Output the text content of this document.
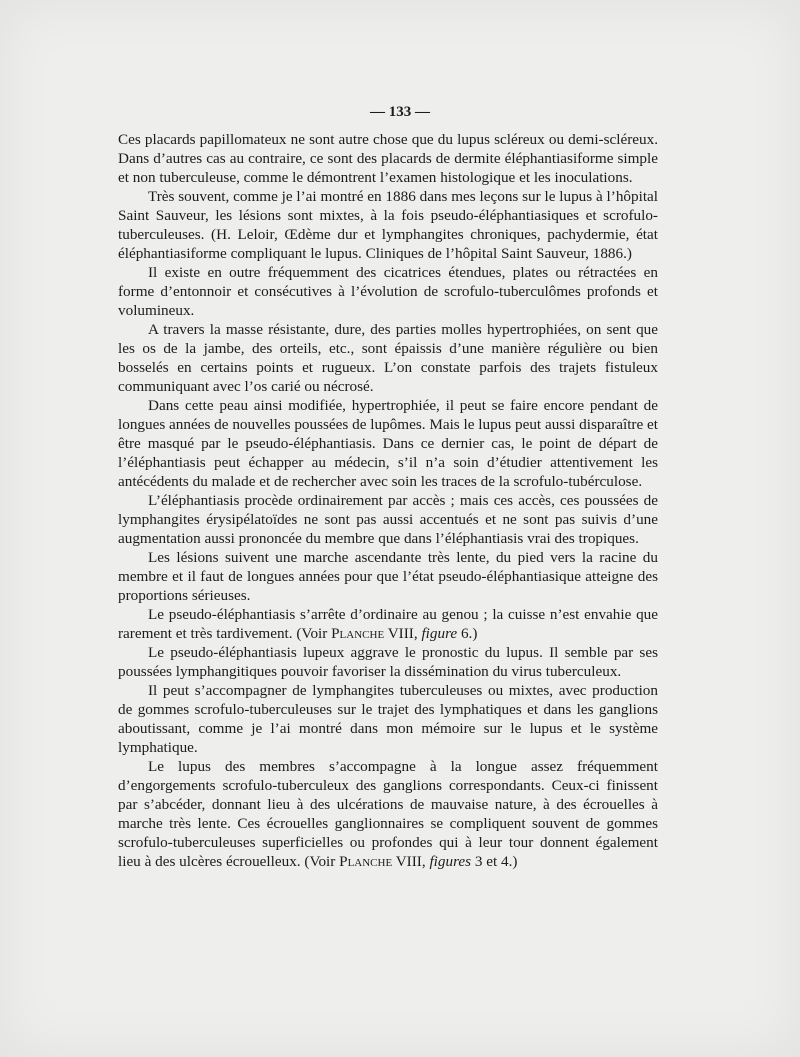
— 133 —

Ces placards papillomateux ne sont autre chose que du lupus scléreux ou demi-scléreux. Dans d’autres cas au contraire, ce sont des placards de dermite éléphantiasiforme simple et non tuberculeuse, comme le démontrent l’examen histologique et les inoculations.

Très souvent, comme je l’ai montré en 1886 dans mes leçons sur le lupus à l’hôpital Saint Sauveur, les lésions sont mixtes, à la fois pseudo-éléphantiasiques et scrofulo-tuberculeuses. (H. Leloir, Œdème dur et lymphangites chroniques, pachydermie, état éléphantiasiforme compliquant le lupus. Cliniques de l’hôpital Saint Sauveur, 1886.)

Il existe en outre fréquemment des cicatrices étendues, plates ou rétractées en forme d’entonnoir et consécutives à l’évolution de scrofulo-tuberculômes profonds et volumineux.

A travers la masse résistante, dure, des parties molles hypertrophiées, on sent que les os de la jambe, des orteils, etc., sont épaissis d’une manière régulière ou bien bosselés en certains points et rugueux. L’on constate parfois des trajets fistuleux communiquant avec l’os carié ou nécrosé.

Dans cette peau ainsi modifiée, hypertrophiée, il peut se faire encore pendant de longues années de nouvelles poussées de lupômes. Mais le lupus peut aussi disparaître et être masqué par le pseudo-éléphantiasis. Dans ce dernier cas, le point de départ de l’éléphantiasis peut échapper au médecin, s’il n’a soin d’étudier attentivement les antécédents du malade et de rechercher avec soin les traces de la scrofulo-tubérculose.

L’éléphantiasis procède ordinairement par accès ; mais ces accès, ces poussées de lymphangites érysipélatoïdes ne sont pas aussi accentués et ne sont pas suivis d’une augmentation aussi prononcée du membre que dans l’éléphantiasis vrai des tropiques.

Les lésions suivent une marche ascendante très lente, du pied vers la racine du membre et il faut de longues années pour que l’état pseudo-éléphantiasique atteigne des proportions sérieuses.

Le pseudo-éléphantiasis s’arrête d’ordinaire au genou ; la cuisse n’est envahie que rarement et très tardivement. (Voir Planche VIII, figure 6.)

Le pseudo-éléphantiasis lupeux aggrave le pronostic du lupus. Il semble par ses poussées lymphangitiques pouvoir favoriser la dissémination du virus tuberculeux.

Il peut s’accompagner de lymphangites tuberculeuses ou mixtes, avec production de gommes scrofulo-tuberculeuses sur le trajet des lymphatiques et dans les ganglions aboutissant, comme je l’ai montré dans mon mémoire sur le lupus et le système lymphatique.

Le lupus des membres s’accompagne à la longue assez fréquemment d’engorgements scrofulo-tuberculeux des ganglions correspondants. Ceux-ci finissent par s’abcéder, donnant lieu à des ulcérations de mauvaise nature, à des écrouelles à marche très lente. Ces écrouelles ganglionnaires se compliquent souvent de gommes scrofulo-tuberculeuses superficielles ou profondes qui à leur tour donnent également lieu à des ulcères écrouelleux. (Voir Planche VIII, figures 3 et 4.)
